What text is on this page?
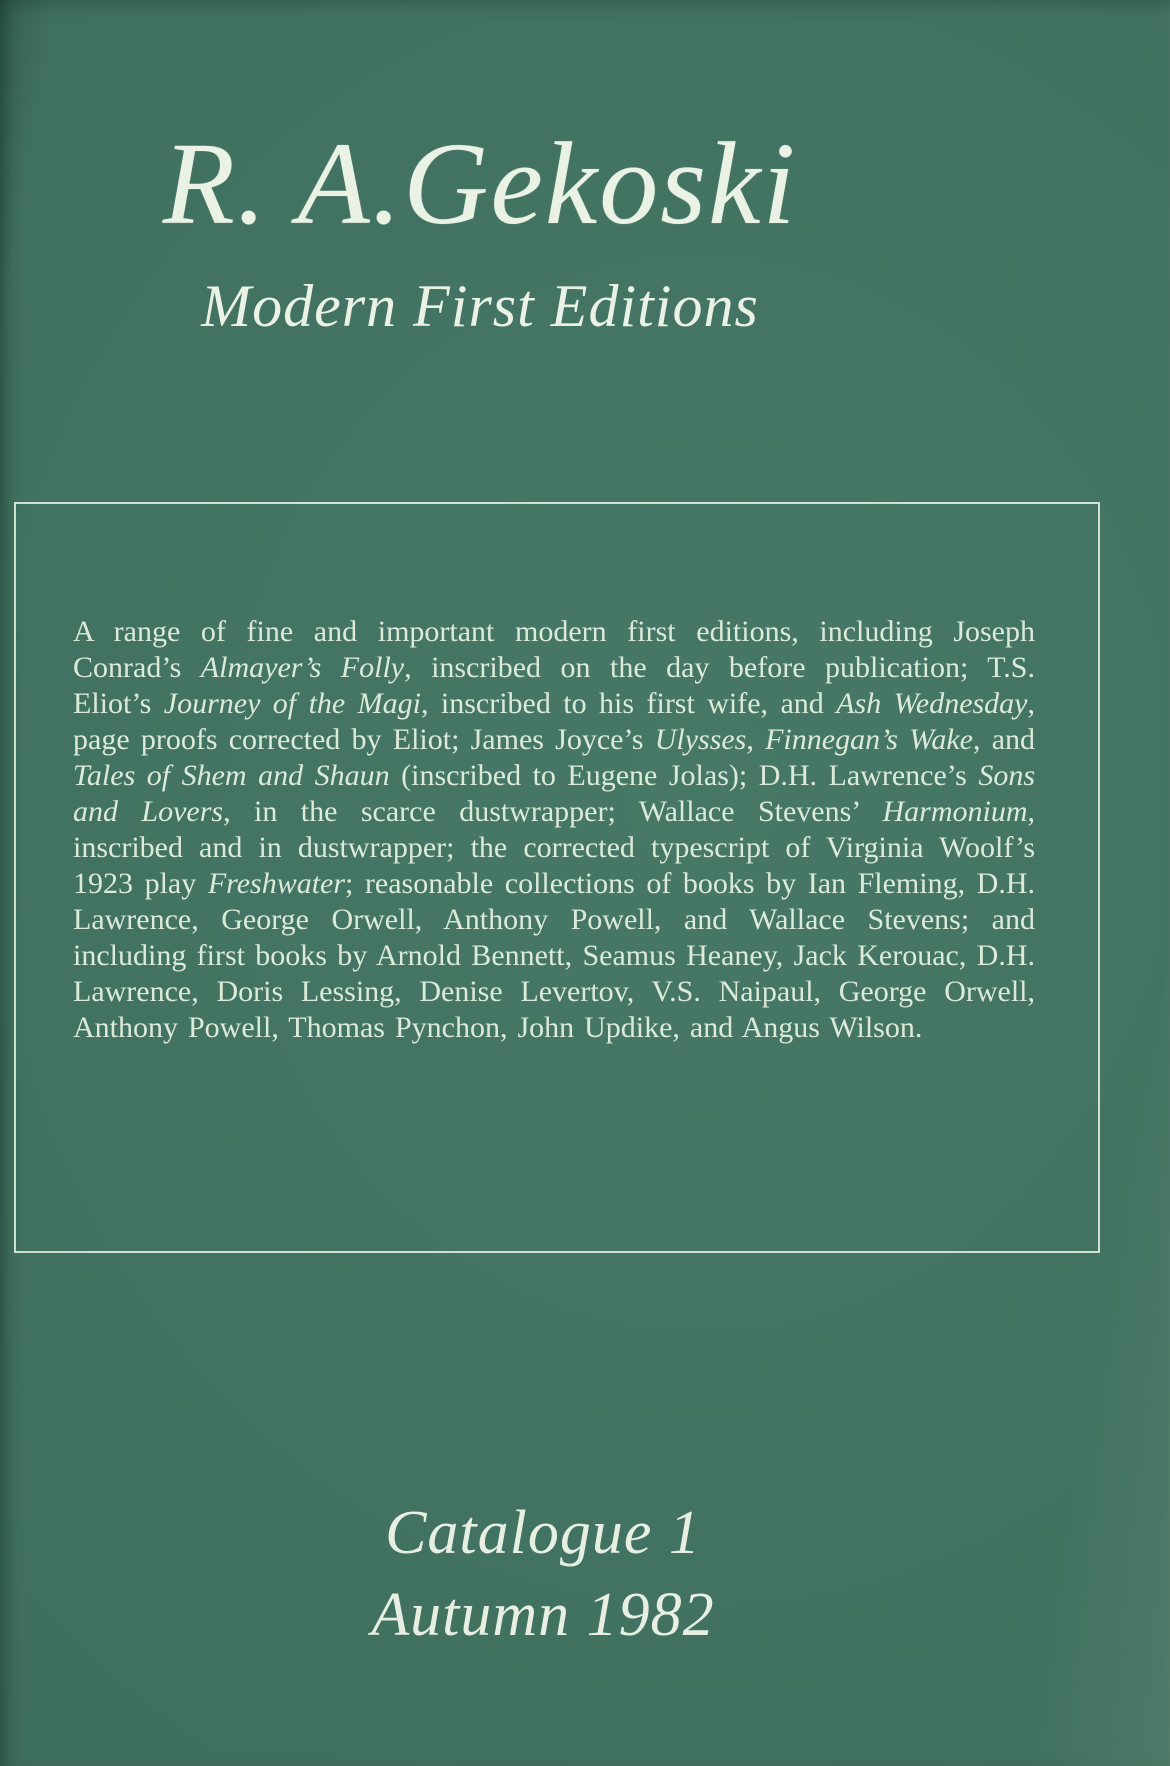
R. A.Gekoski
Modern First Editions
A range of fine and important modern first editions, including Joseph Conrad’s Almayer’s Folly, inscribed on the day before publication; T.S. Eliot’s Journey of the Magi, inscribed to his first wife, and Ash Wednesday, page proofs corrected by Eliot; James Joyce’s Ulysses, Finnegan’s Wake, and Tales of Shem and Shaun (inscribed to Eugene Jolas); D.H. Lawrence’s Sons and Lovers, in the scarce dustwrapper; Wallace Stevens’ Harmonium, inscribed and in dustwrapper; the corrected typescript of Virginia Woolf’s 1923 play Freshwater; reasonable collections of books by Ian Fleming, D.H. Lawrence, George Orwell, Anthony Powell, and Wallace Stevens; and including first books by Arnold Bennett, Seamus Heaney, Jack Kerouac, D.H. Lawrence, Doris Lessing, Denise Levertov, V.S. Naipaul, George Orwell, Anthony Powell, Thomas Pynchon, John Updike, and Angus Wilson.
Catalogue 1
Autumn 1982
